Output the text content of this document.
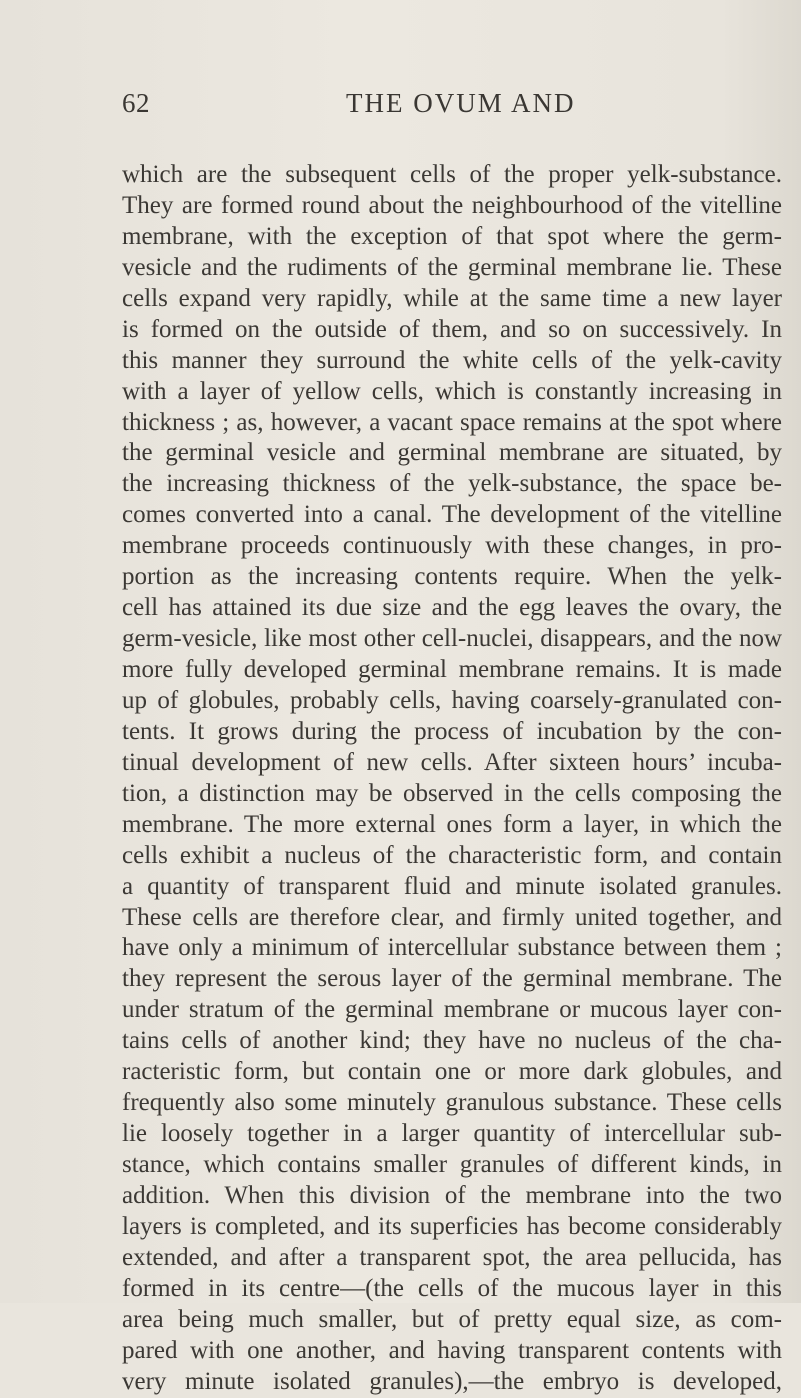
62	THE OVUM AND
which are the subsequent cells of the proper yelk-substance.
They are formed round about the neighbourhood of the vitelline
membrane, with the exception of that spot where the germ-
vesicle and the rudiments of the germinal membrane lie. These
cells expand very rapidly, while at the same time a new layer
is formed on the outside of them, and so on successively. In
this manner they surround the white cells of the yelk-cavity
with a layer of yellow cells, which is constantly increasing in
thickness ; as, however, a vacant space remains at the spot where
the germinal vesicle and germinal membrane are situated, by
the increasing thickness of the yelk-substance, the space be-
comes converted into a canal. The development of the vitelline
membrane proceeds continuously with these changes, in pro-
portion as the increasing contents require. When the yelk-
cell has attained its due size and the egg leaves the ovary, the
germ-vesicle, like most other cell-nuclei, disappears, and the now
more fully developed germinal membrane remains. It is made
up of globules, probably cells, having coarsely-granulated con-
tents. It grows during the process of incubation by the con-
tinual development of new cells. After sixteen hours’ incuba-
tion, a distinction may be observed in the cells composing the
membrane. The more external ones form a layer, in which the
cells exhibit a nucleus of the characteristic form, and contain
a quantity of transparent fluid and minute isolated granules.
These cells are therefore clear, and firmly united together, and
have only a minimum of intercellular substance between them ;
they represent the serous layer of the germinal membrane. The
under stratum of the germinal membrane or mucous layer con-
tains cells of another kind; they have no nucleus of the cha-
racteristic form, but contain one or more dark globules, and
frequently also some minutely granulous substance. These cells
lie loosely together in a larger quantity of intercellular sub-
stance, which contains smaller granules of different kinds, in
addition. When this division of the membrane into the two
layers is completed, and its superficies has become considerably
extended, and after a transparent spot, the area pellucida, has
formed in its centre—(the cells of the mucous layer in this
area being much smaller, but of pretty equal size, as com-
pared with one another, and having transparent contents with
very minute isolated granules),—the embryo is developed,
